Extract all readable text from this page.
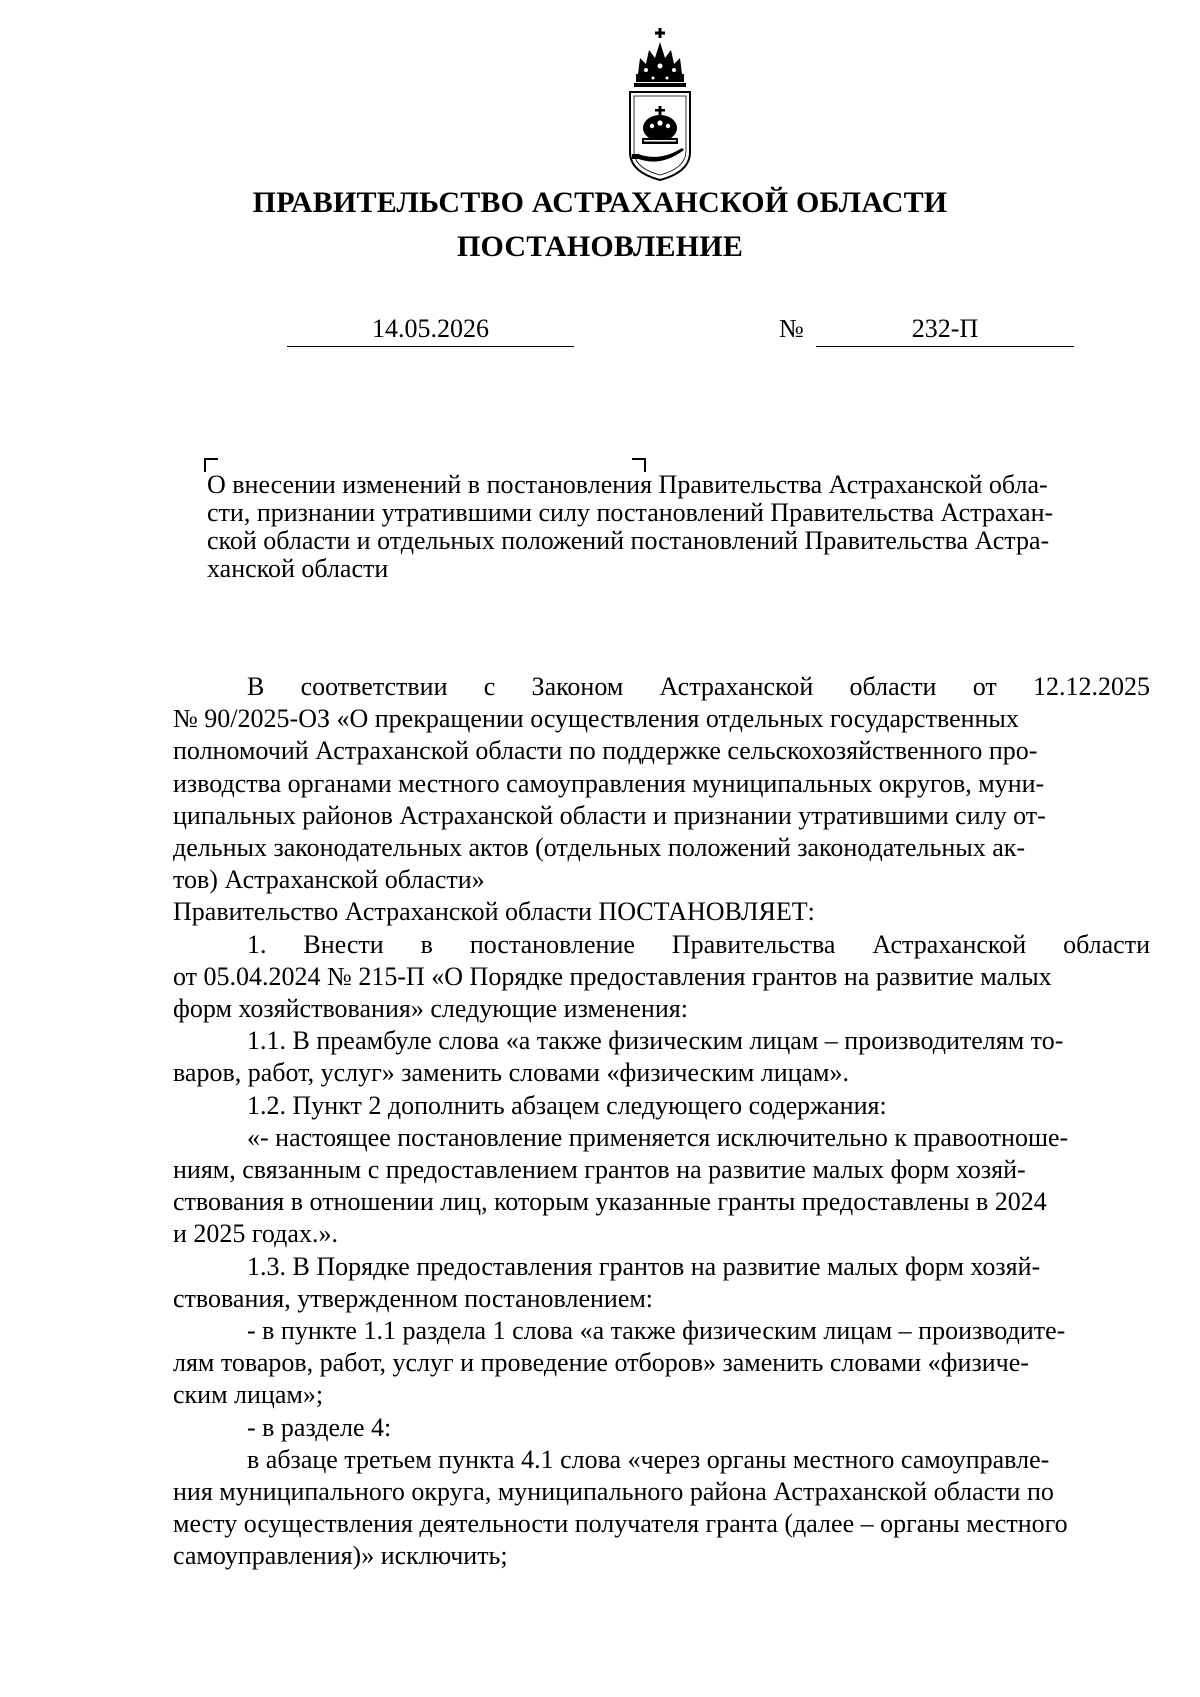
ПРАВИТЕЛЬСТВО АСТРАХАНСКОЙ ОБЛАСТИ
ПОСТАНОВЛЕНИЕ
14.05.2026	№	232-П
О внесении изменений в постановления Правительства Астраханской обла-
сти, признании утратившими силу постановлений Правительства Астрахан-
ской области и отдельных положений постановлений Правительства Астра-
ханской области
В соответствии с Законом Астраханской области от 12.12.2025
№ 90/2025-ОЗ «О прекращении осуществления отдельных государственных
полномочий Астраханской области по поддержке сельскохозяйственного про-
изводства органами местного самоуправления муниципальных округов, муни-
ципальных районов Астраханской области и признании утратившими силу от-
дельных законодательных актов (отдельных положений законодательных ак-
тов) Астраханской области»
Правительство Астраханской области ПОСТАНОВЛЯЕТ:
1. Внести в постановление Правительства Астраханской области
от 05.04.2024 № 215-П «О Порядке предоставления грантов на развитие малых
форм хозяйствования» следующие изменения:
1.1. В преамбуле слова «а также физическим лицам – производителям то-
варов, работ, услуг» заменить словами «физическим лицам».
1.2. Пункт 2 дополнить абзацем следующего содержания:
«- настоящее постановление применяется исключительно к правоотноше-
ниям, связанным с предоставлением грантов на развитие малых форм хозяй-
ствования в отношении лиц, которым указанные гранты предоставлены в 2024
и 2025 годах.».
1.3. В Порядке предоставления грантов на развитие малых форм хозяй-
ствования, утвержденном постановлением:
- в пункте 1.1 раздела 1 слова «а также физическим лицам – производите-
лям товаров, работ, услуг и проведение отборов» заменить словами «физиче-
ским лицам»;
- в разделе 4:
в абзаце третьем пункта 4.1 слова «через органы местного самоуправле-
ния муниципального округа, муниципального района Астраханской области по
месту осуществления деятельности получателя гранта (далее – органы местного
самоуправления)» исключить;
